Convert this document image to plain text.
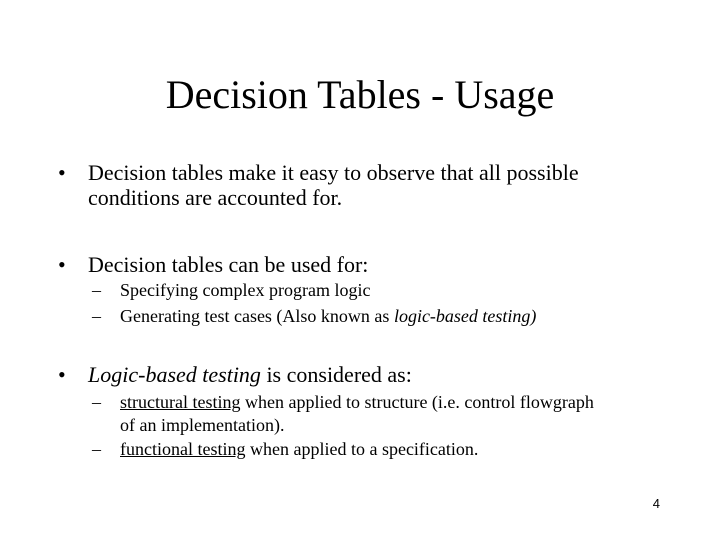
Decision Tables - Usage
•	Decision tables make it easy to observe that all possible
conditions are accounted for.
•	Decision tables can be used for:
–	Specifying complex program logic
–	Generating test cases (Also known as logic-based testing)
•	Logic-based testing is considered as:
–	structural testing when applied to structure (i.e. control flowgraph
of an implementation).
–	functional testing when applied to a specification.
4
